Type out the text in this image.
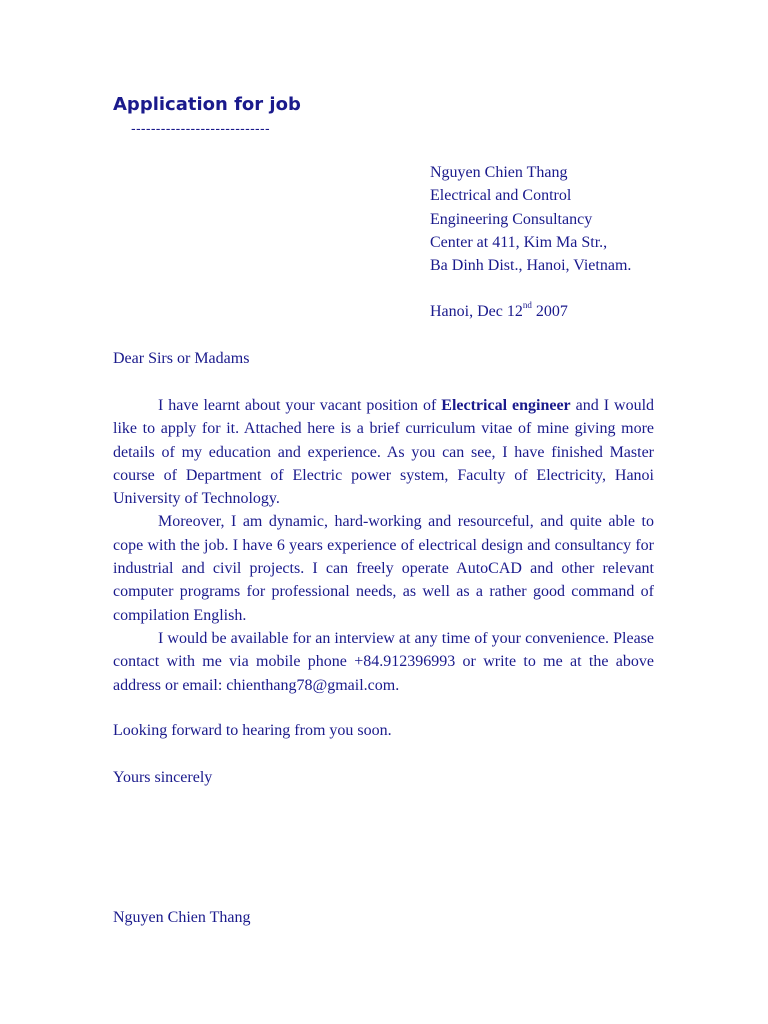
Application for job
----------------------------
Nguyen Chien Thang
Electrical and Control
Engineering Consultancy
Center at 411, Kim Ma Str.,
Ba Dinh Dist., Hanoi, Vietnam.
Hanoi, Dec 12nd 2007
Dear Sirs or Madams

I have learnt about your vacant position of Electrical engineer and I would like to apply for it. Attached here is a brief curriculum vitae of mine giving more details of my education and experience. As you can see, I have finished Master course of Department of Electric power system, Faculty of Electricity, Hanoi University of Technology.

Moreover, I am dynamic, hard-working and resourceful, and quite able to cope with the job. I have 6 years experience of electrical design and consultancy for industrial and civil projects. I can freely operate AutoCAD and other relevant computer programs for professional needs, as well as a rather good command of compilation English.

I would be available for an interview at any time of your convenience. Please contact with me via mobile phone +84.912396993 or write to me at the above address or email: chienthang78@gmail.com.

Looking forward to hearing from you soon.
Yours sincerely
Nguyen Chien Thang
